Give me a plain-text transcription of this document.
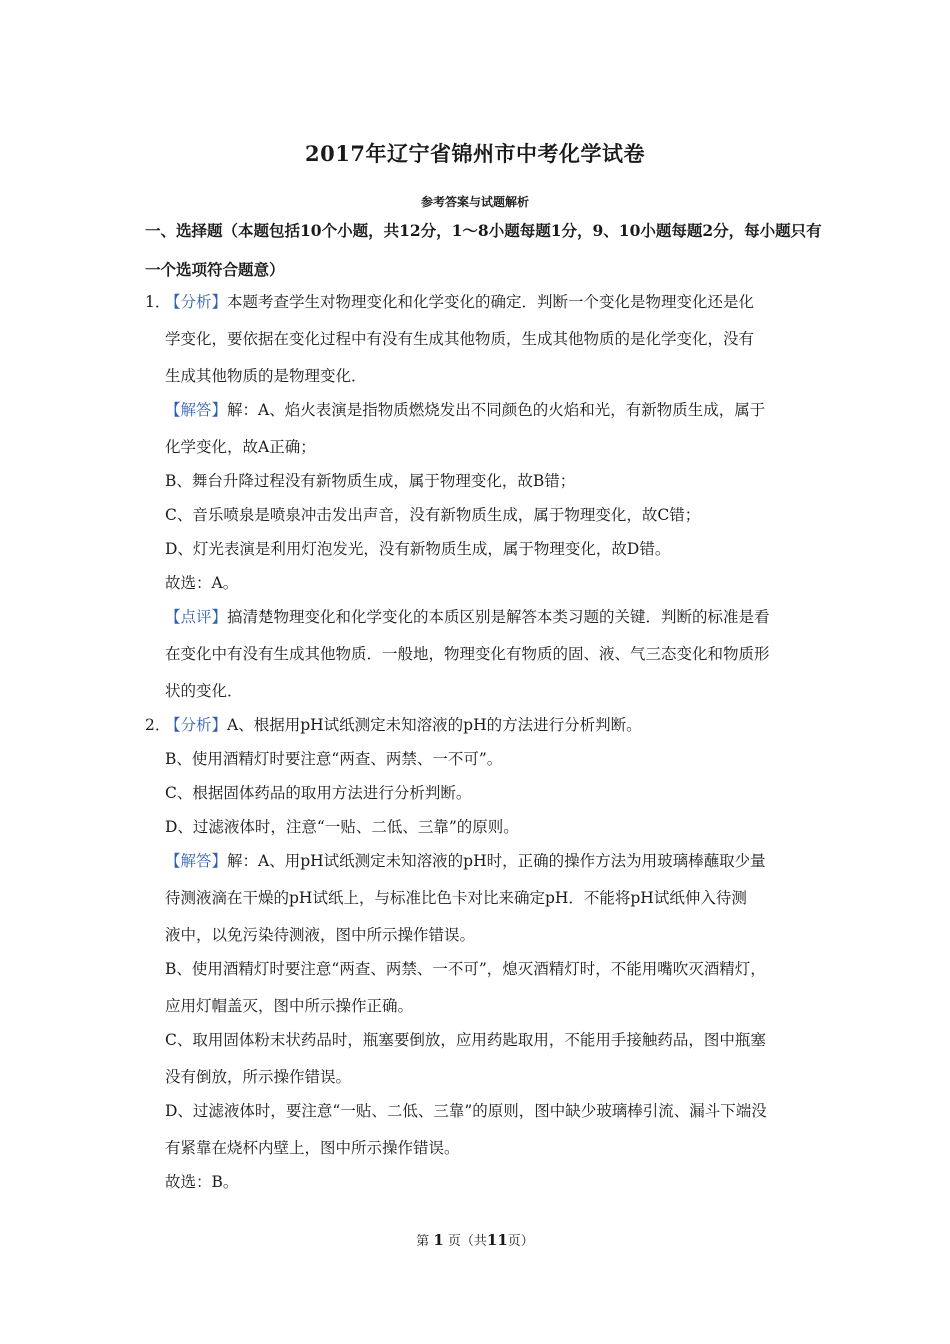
2017年辽宁省锦州市中考化学试卷
参考答案与试题解析
一、选择题（本题包括10个小题，共12分，1～8小题每题1分，9、10小题每题2分，每小题只有一个选项符合题意）
1．
【分析】本题考查学生对物理变化和化学变化的确定．判断一个变化是物理变化还是化
学变化，要依据在变化过程中有没有生成其他物质，生成其他物质的是化学变化，没有
生成其他物质的是物理变化．
【解答】解：A、焰火表演是指物质燃烧发出不同颜色的火焰和光，有新物质生成，属于
化学变化，故A正确；
B、舞台升降过程没有新物质生成，属于物理变化，故B错；
C、音乐喷泉是喷泉冲击发出声音，没有新物质生成，属于物理变化，故C错；
D、灯光表演是利用灯泡发光，没有新物质生成，属于物理变化，故D错。
故选：A。
【点评】搞清楚物理变化和化学变化的本质区别是解答本类习题的关键．判断的标准是看
在变化中有没有生成其他物质．一般地，物理变化有物质的固、液、气三态变化和物质形
状的变化．
2．
【分析】A、根据用pH试纸测定未知溶液的pH的方法进行分析判断。
B、使用酒精灯时要注意“两查、两禁、一不可”。
C、根据固体药品的取用方法进行分析判断。
D、过滤液体时，注意“一贴、二低、三靠”的原则。
【解答】解：A、用pH试纸测定未知溶液的pH时，正确的操作方法为用玻璃棒蘸取少量
待测液滴在干燥的pH试纸上，与标准比色卡对比来确定pH．不能将pH试纸伸入待测
液中，以免污染待测液，图中所示操作错误。
B、使用酒精灯时要注意“两查、两禁、一不可”，熄灭酒精灯时，不能用嘴吹灭酒精灯，
应用灯帽盖灭，图中所示操作正确。
C、取用固体粉末状药品时，瓶塞要倒放，应用药匙取用，不能用手接触药品，图中瓶塞
没有倒放，所示操作错误。
D、过滤液体时，要注意“一贴、二低、三靠”的原则，图中缺少玻璃棒引流、漏斗下端没
有紧靠在烧杯内壁上，图中所示操作错误。
故选：B。
第 1 页（共11页）
